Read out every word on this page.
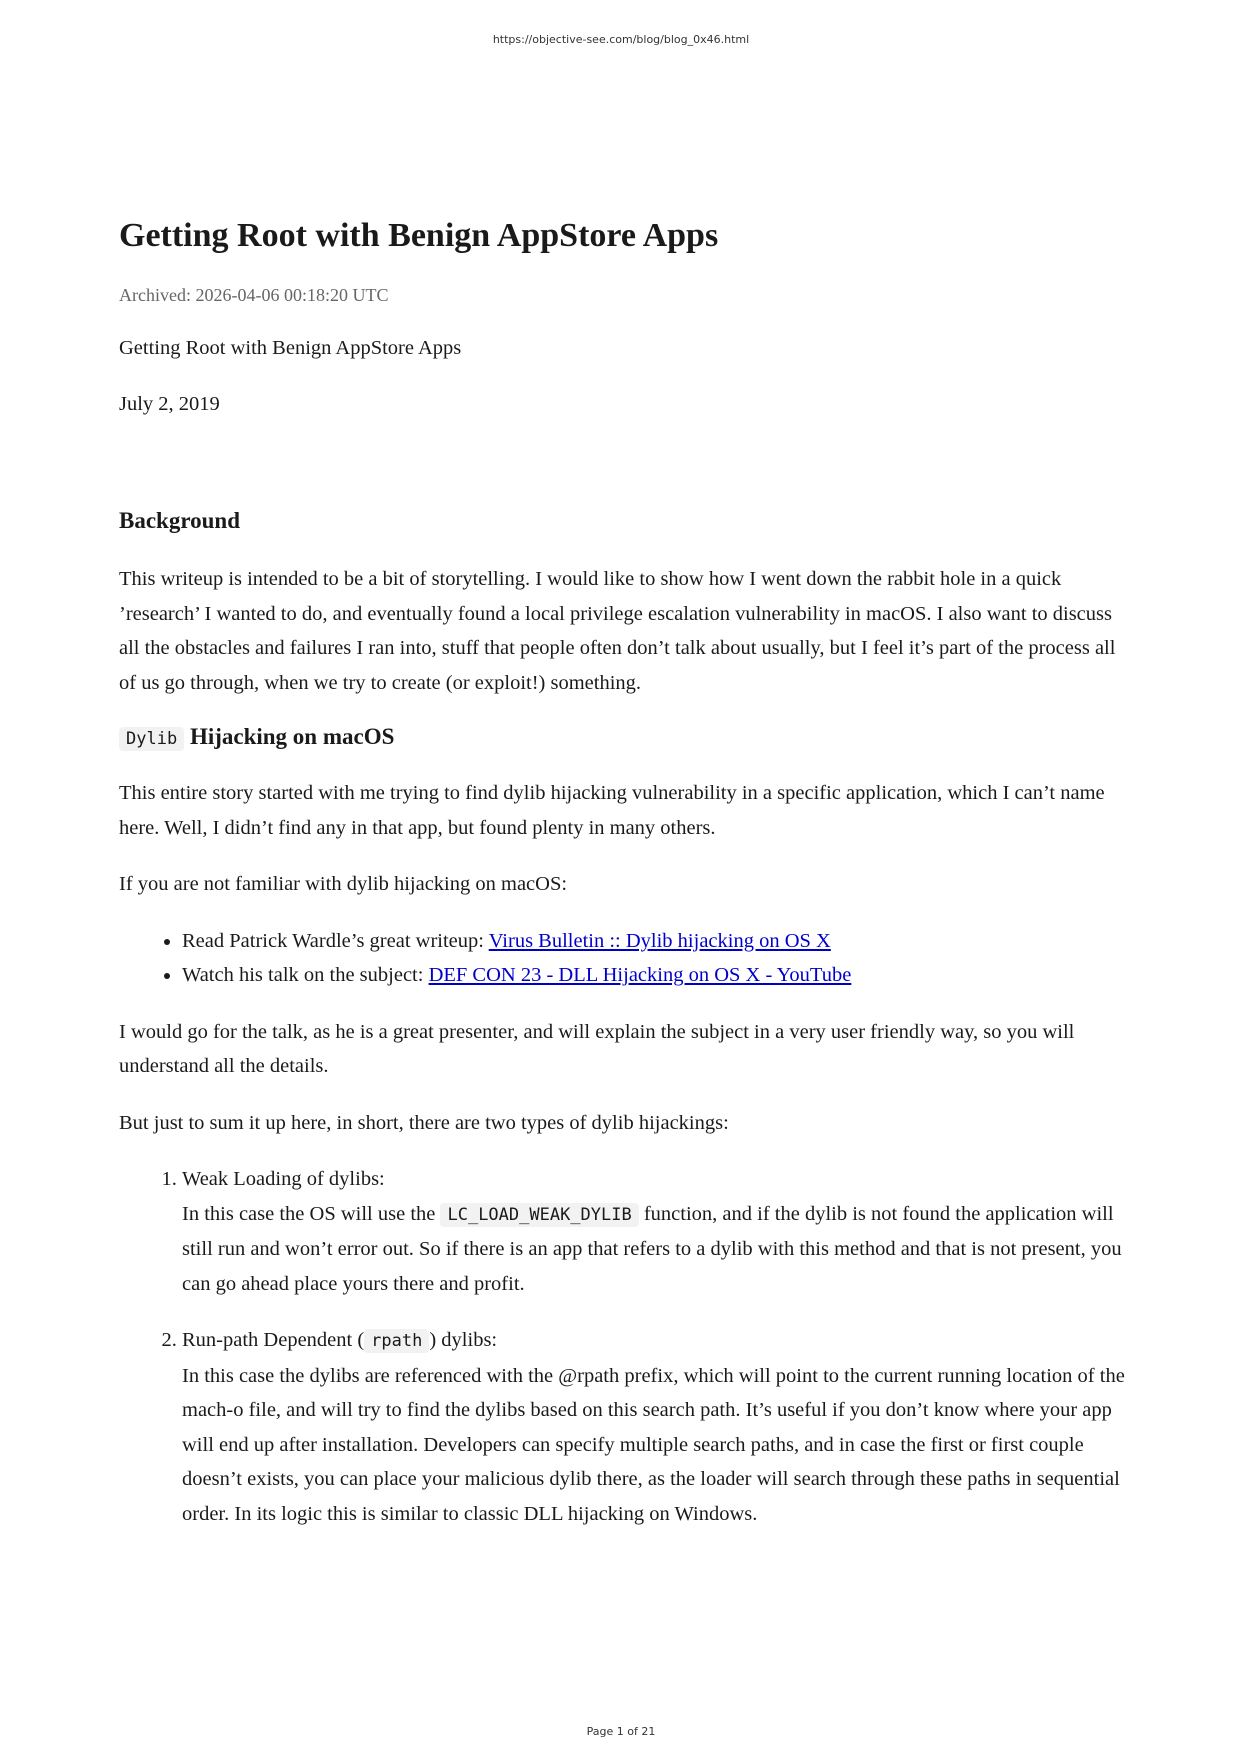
https://objective-see.com/blog/blog_0x46.html
Getting Root with Benign AppStore Apps
Archived: 2026-04-06 00:18:20 UTC

Getting Root with Benign AppStore Apps

July 2, 2019

Background

This writeup is intended to be a bit of storytelling. I would like to show how I went down the rabbit hole in a quick ’research’ I wanted to do, and eventually found a local privilege escalation vulnerability in macOS. I also want to discuss all the obstacles and failures I ran into, stuff that people often don’t talk about usually, but I feel it’s part of the process all of us go through, when we try to create (or exploit!) something.

Dylib Hijacking on macOS

This entire story started with me trying to find dylib hijacking vulnerability in a specific application, which I can’t name here. Well, I didn’t find any in that app, but found plenty in many others.

If you are not familiar with dylib hijacking on macOS:

• Read Patrick Wardle’s great writeup: Virus Bulletin :: Dylib hijacking on OS X
• Watch his talk on the subject: DEF CON 23 - DLL Hijacking on OS X - YouTube

I would go for the talk, as he is a great presenter, and will explain the subject in a very user friendly way, so you will understand all the details.

But just to sum it up here, in short, there are two types of dylib hijackings:

1. Weak Loading of dylibs:
In this case the OS will use the LC_LOAD_WEAK_DYLIB function, and if the dylib is not found the application will still run and won’t error out. So if there is an app that refers to a dylib with this method and that is not present, you can go ahead place yours there and profit.
2. Run-path Dependent ( rpath ) dylibs:
In this case the dylibs are referenced with the @rpath prefix, which will point to the current running location of the mach-o file, and will try to find the dylibs based on this search path. It’s useful if you don’t know where your app will end up after installation. Developers can specify multiple search paths, and in case the first or first couple doesn’t exists, you can place your malicious dylib there, as the loader will search through these paths in sequential order. In its logic this is similar to classic DLL hijacking on Windows.
Page 1 of 21
